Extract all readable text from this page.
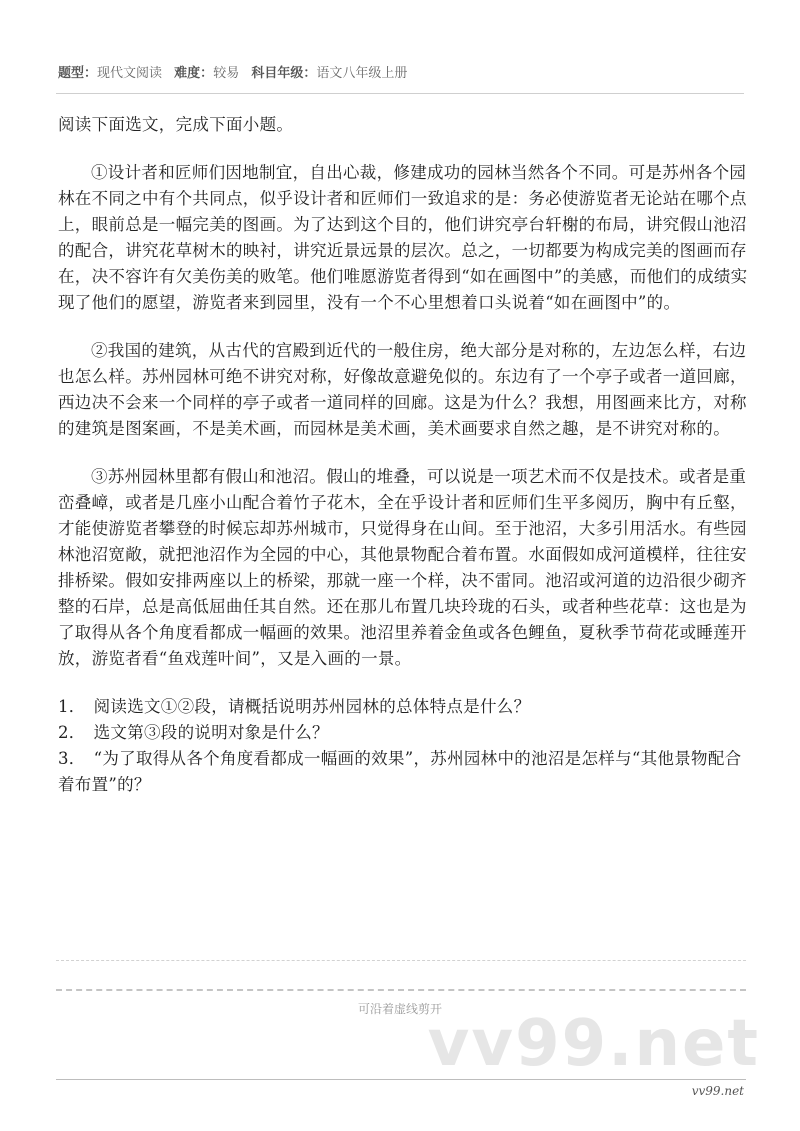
题型：现代文阅读 难度：较易 科目年级：语文八年级上册

阅读下面选文，完成下面小题。

①设计者和匠师们因地制宜，自出心裁，修建成功的园林当然各个不同。可是苏州各个园林在不同之中有个共同点，似乎设计者和匠师们一致追求的是：务必使游览者无论站在哪个点上，眼前总是一幅完美的图画。为了达到这个目的，他们讲究亭台轩榭的布局，讲究假山池沼的配合，讲究花草树木的映衬，讲究近景远景的层次。总之，一切都要为构成完美的图画而存在，决不容许有欠美伤美的败笔。他们唯愿游览者得到“如在画图中”的美感，而他们的成绩实现了他们的愿望，游览者来到园里，没有一个不心里想着口头说着“如在画图中”的。

②我国的建筑，从古代的宫殿到近代的一般住房，绝大部分是对称的，左边怎么样，右边也怎么样。苏州园林可绝不讲究对称，好像故意避免似的。东边有了一个亭子或者一道回廊，西边决不会来一个同样的亭子或者一道同样的回廊。这是为什么？我想，用图画来比方，对称的建筑是图案画，不是美术画，而园林是美术画，美术画要求自然之趣，是不讲究对称的。

③苏州园林里都有假山和池沼。假山的堆叠，可以说是一项艺术而不仅是技术。或者是重峦叠嶂，或者是几座小山配合着竹子花木，全在乎设计者和匠师们生平多阅历，胸中有丘壑，才能使游览者攀登的时候忘却苏州城市，只觉得身在山间。至于池沼，大多引用活水。有些园林池沼宽敞，就把池沼作为全园的中心，其他景物配合着布置。水面假如成河道模样，往往安排桥梁。假如安排两座以上的桥梁，那就一座一个样，决不雷同。池沼或河道的边沿很少砌齐整的石岸，总是高低屈曲任其自然。还在那儿布置几块玲珑的石头，或者种些花草：这也是为了取得从各个角度看都成一幅画的效果。池沼里养着金鱼或各色鲤鱼，夏秋季节荷花或睡莲开放，游览者看“鱼戏莲叶间”，又是入画的一景。

1． 阅读选文①②段，请概括说明苏州园林的总体特点是什么？

2． 选文第③段的说明对象是什么？

3． “为了取得从各个角度看都成一幅画的效果”，苏州园林中的池沼是怎样与“其他景物配合着布置”的？

可沿着虚线剪开
vv99.net
vv99.net
